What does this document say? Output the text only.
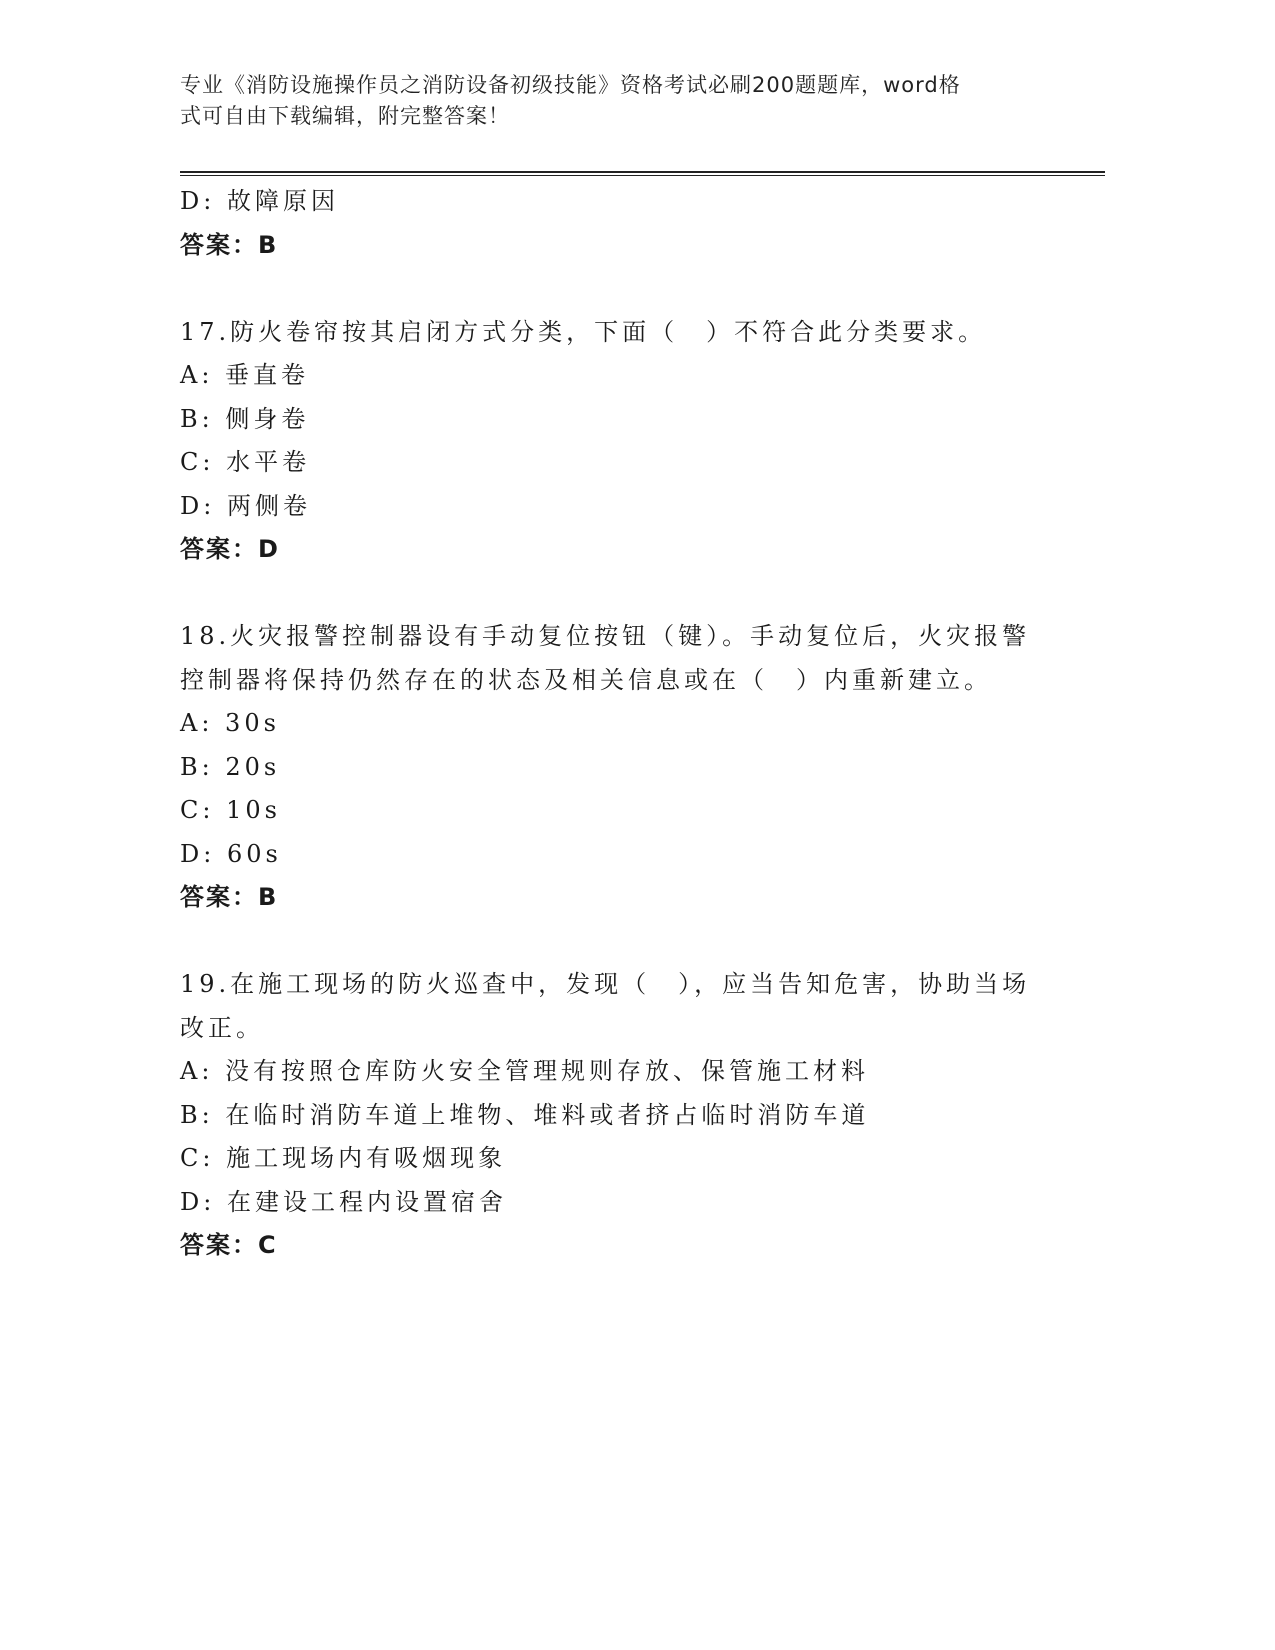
专业《消防设施操作员之消防设备初级技能》资格考试必刷200题题库，word格
式可自由下载编辑，附完整答案！
D: 故障原因
答案：B
17.防火卷帘按其启闭方式分类，下面（　）不符合此分类要求。
A: 垂直卷
B: 侧身卷
C: 水平卷
D: 两侧卷
答案：D
18.火灾报警控制器设有手动复位按钮（键）。手动复位后，火灾报警
控制器将保持仍然存在的状态及相关信息或在（　）内重新建立。
A: 30s
B: 20s
C: 10s
D: 60s
答案：B
19.在施工现场的防火巡查中，发现（　），应当告知危害，协助当场
改正。
A: 没有按照仓库防火安全管理规则存放、保管施工材料
B: 在临时消防车道上堆物、堆料或者挤占临时消防车道
C: 施工现场内有吸烟现象
D: 在建设工程内设置宿舍
答案：C
